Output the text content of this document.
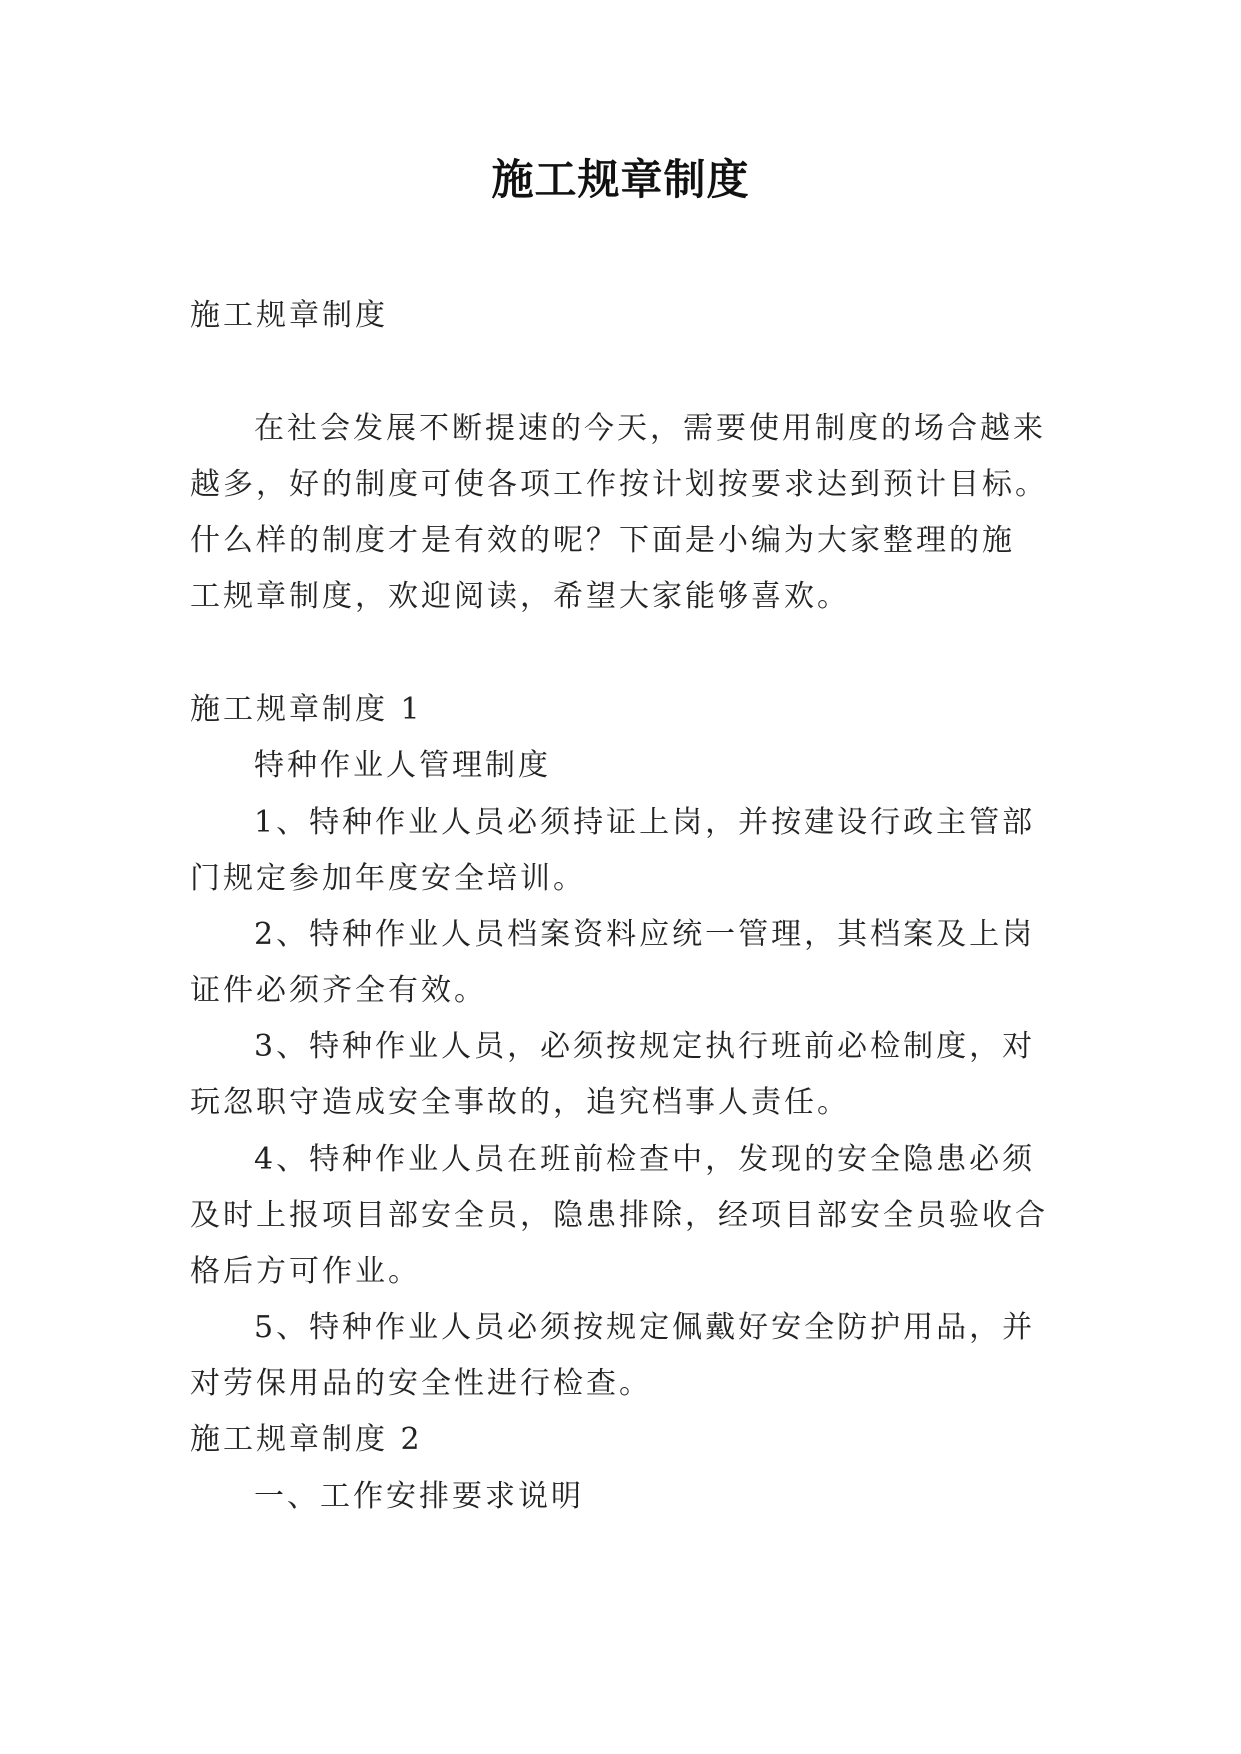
施工规章制度
施工规章制度
在社会发展不断提速的今天，需要使用制度的场合越来
越多，好的制度可使各项工作按计划按要求达到预计目标。
什么样的制度才是有效的呢？下面是小编为大家整理的施
工规章制度，欢迎阅读，希望大家能够喜欢。
施工规章制度 1
特种作业人管理制度
1、特种作业人员必须持证上岗，并按建设行政主管部
门规定参加年度安全培训。
2、特种作业人员档案资料应统一管理，其档案及上岗
证件必须齐全有效。
3、特种作业人员，必须按规定执行班前必检制度，对
玩忽职守造成安全事故的，追究档事人责任。
4、特种作业人员在班前检查中，发现的安全隐患必须
及时上报项目部安全员，隐患排除，经项目部安全员验收合
格后方可作业。
5、特种作业人员必须按规定佩戴好安全防护用品，并
对劳保用品的安全性进行检查。
施工规章制度 2
一、工作安排要求说明
